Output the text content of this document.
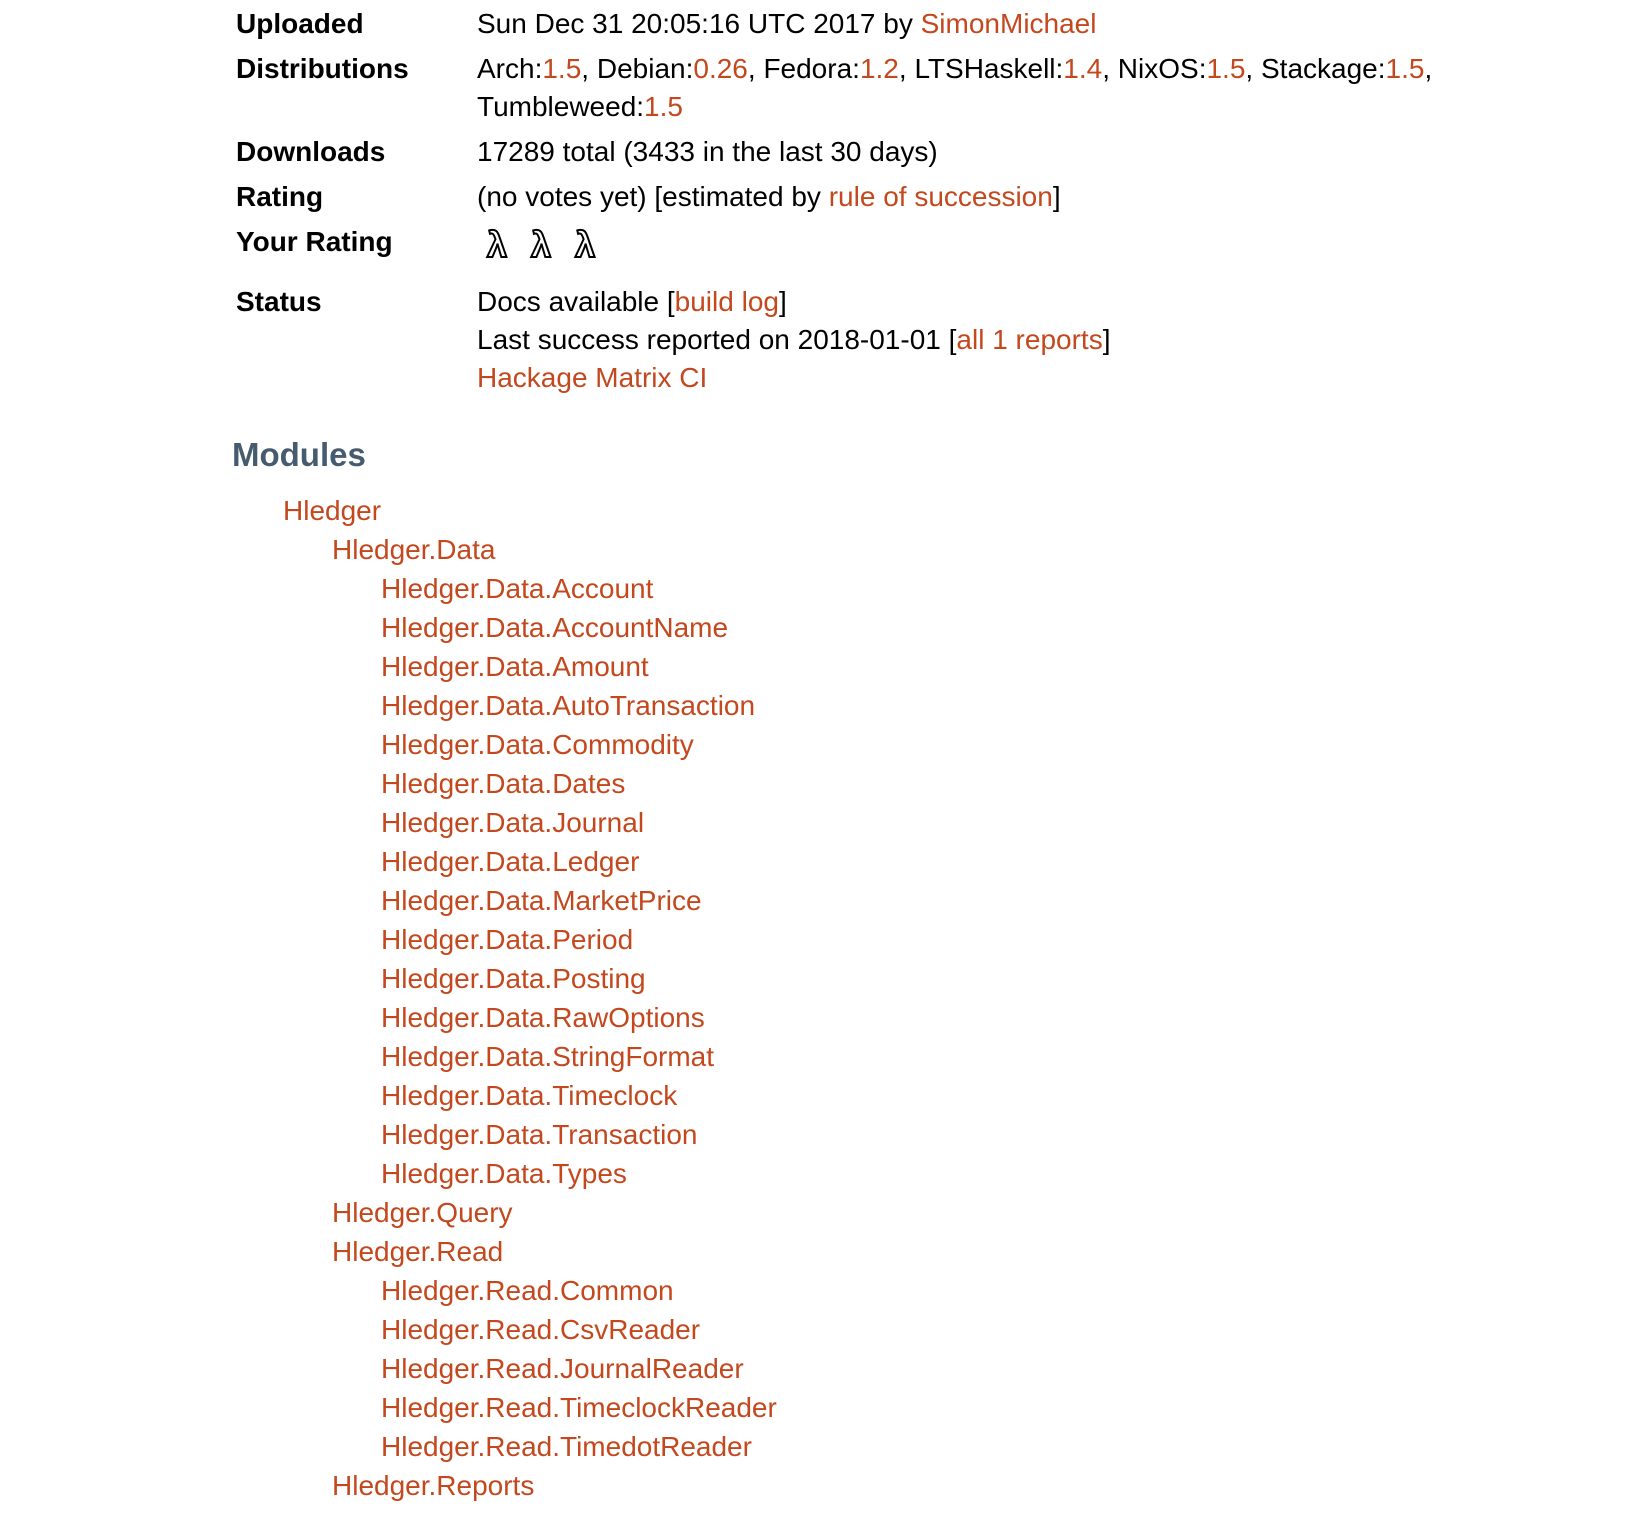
Uploaded	Sun Dec 31 20:05:16 UTC 2017 by SimonMichael
Distributions	Arch:1.5, Debian:0.26, Fedora:1.2, LTSHaskell:1.4, NixOS:1.5, Stackage:1.5, Tumbleweed:1.5
Downloads	17289 total (3433 in the last 30 days)
Rating	(no votes yet) [estimated by rule of succession]
Your Rating	λ λ λ
Status	Docs available [build log]
Last success reported on 2018-01-01 [all 1 reports]
Hackage Matrix CI
Modules
Hledger
Hledger.Data
Hledger.Data.Account
Hledger.Data.AccountName
Hledger.Data.Amount
Hledger.Data.AutoTransaction
Hledger.Data.Commodity
Hledger.Data.Dates
Hledger.Data.Journal
Hledger.Data.Ledger
Hledger.Data.MarketPrice
Hledger.Data.Period
Hledger.Data.Posting
Hledger.Data.RawOptions
Hledger.Data.StringFormat
Hledger.Data.Timeclock
Hledger.Data.Transaction
Hledger.Data.Types
Hledger.Query
Hledger.Read
Hledger.Read.Common
Hledger.Read.CsvReader
Hledger.Read.JournalReader
Hledger.Read.TimeclockReader
Hledger.Read.TimedotReader
Hledger.Reports
